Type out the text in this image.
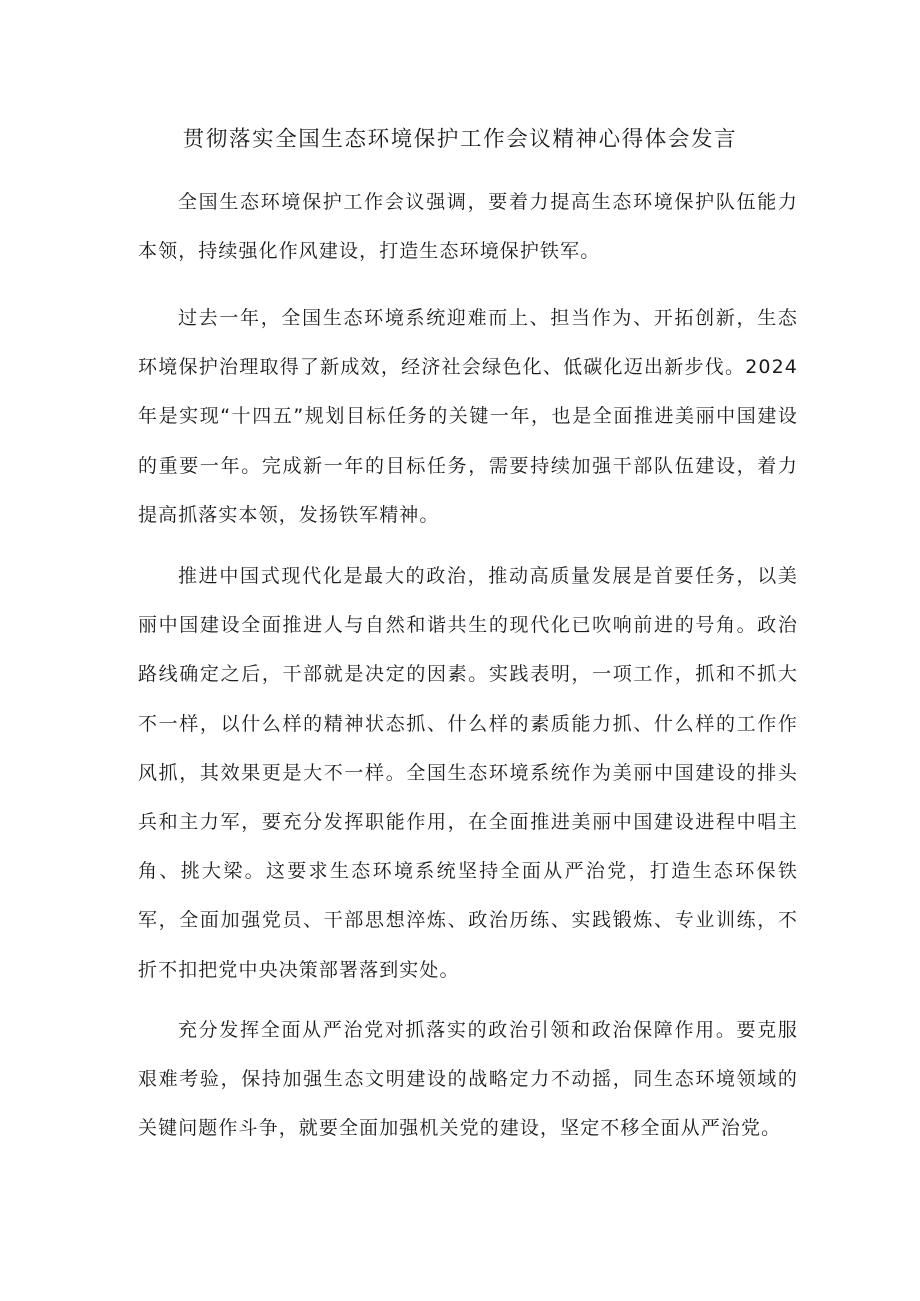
贯彻落实全国生态环境保护工作会议精神心得体会发言

全国生态环境保护工作会议强调，要着力提高生态环境保护队伍能力本领，持续强化作风建设，打造生态环境保护铁军。

过去一年，全国生态环境系统迎难而上、担当作为、开拓创新，生态环境保护治理取得了新成效，经济社会绿色化、低碳化迈出新步伐。2024年是实现“十四五”规划目标任务的关键一年，也是全面推进美丽中国建设的重要一年。完成新一年的目标任务，需要持续加强干部队伍建设，着力提高抓落实本领，发扬铁军精神。

推进中国式现代化是最大的政治，推动高质量发展是首要任务，以美丽中国建设全面推进人与自然和谐共生的现代化已吹响前进的号角。政治路线确定之后，干部就是决定的因素。实践表明，一项工作，抓和不抓大不一样，以什么样的精神状态抓、什么样的素质能力抓、什么样的工作作风抓，其效果更是大不一样。全国生态环境系统作为美丽中国建设的排头兵和主力军，要充分发挥职能作用，在全面推进美丽中国建设进程中唱主角、挑大梁。这要求生态环境系统坚持全面从严治党，打造生态环保铁军，全面加强党员、干部思想淬炼、政治历练、实践锻炼、专业训练，不折不扣把党中央决策部署落到实处。

充分发挥全面从严治党对抓落实的政治引领和政治保障作用。要克服艰难考验，保持加强生态文明建设的战略定力不动摇，同生态环境领域的关键问题作斗争，就要全面加强机关党的建设，坚定不移全面从严治党。
